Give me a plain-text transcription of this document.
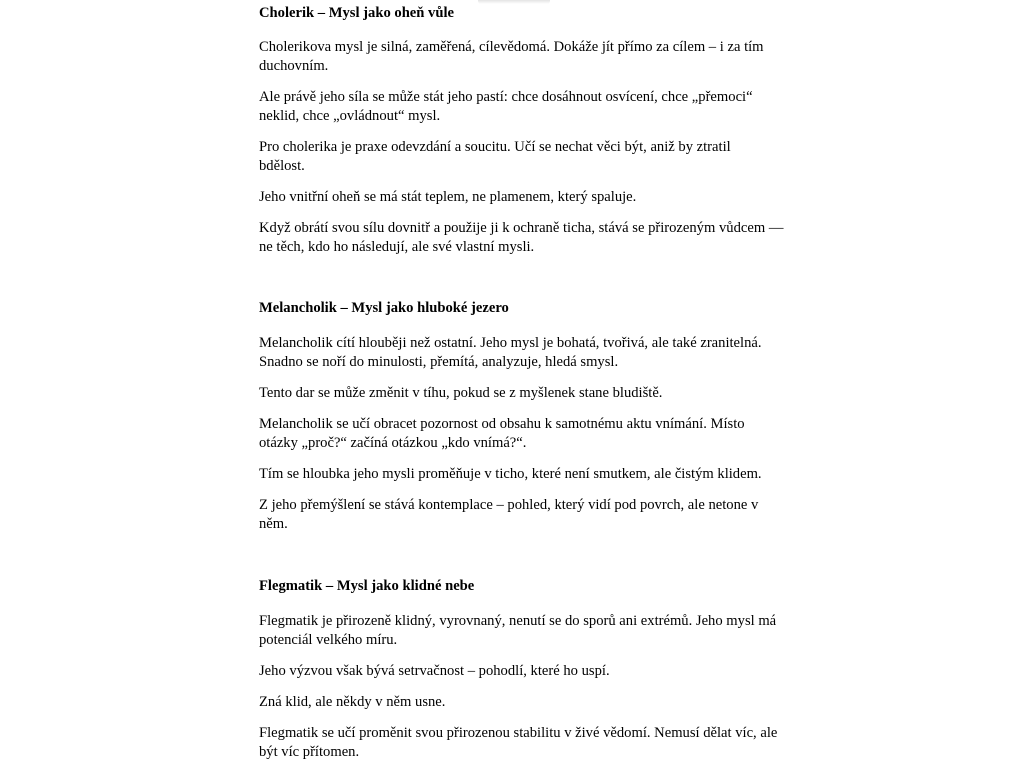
Cholerik – Mysl jako oheň vůle

Cholerikova mysl je silná, zaměřená, cílevědomá. Dokáže jít přímo za cílem – i za tím duchovním.

Ale právě jeho síla se může stát jeho pastí: chce dosáhnout osvícení, chce „přemoci“ neklid, chce „ovládnout“ mysl.

Pro cholerika je praxe odevzdání a soucitu. Učí se nechat věci být, aniž by ztratil bdělost.

Jeho vnitřní oheň se má stát teplem, ne plamenem, který spaluje.

Když obrátí svou sílu dovnitř a použije ji k ochraně ticha, stává se přirozeným vůdcem — ne těch, kdo ho následují, ale své vlastní mysli.

Melancholik – Mysl jako hluboké jezero

Melancholik cítí hlouběji než ostatní. Jeho mysl je bohatá, tvořivá, ale také zranitelná. Snadno se noří do minulosti, přemítá, analyzuje, hledá smysl.

Tento dar se může změnit v tíhu, pokud se z myšlenek stane bludiště.

Melancholik se učí obracet pozornost od obsahu k samotnému aktu vnímání. Místo otázky „proč?“ začíná otázkou „kdo vnímá?“.

Tím se hloubka jeho mysli proměňuje v ticho, které není smutkem, ale čistým klidem.

Z jeho přemýšlení se stává kontemplace – pohled, který vidí pod povrch, ale netone v něm.

Flegmatik – Mysl jako klidné nebe

Flegmatik je přirozeně klidný, vyrovnaný, nenutí se do sporů ani extrémů. Jeho mysl má potenciál velkého míru.

Jeho výzvou však bývá setrvačnost – pohodlí, které ho uspí.

Zná klid, ale někdy v něm usne.

Flegmatik se učí proměnit svou přirozenou stabilitu v živé vědomí. Nemusí dělat víc, ale být víc přítomen.
